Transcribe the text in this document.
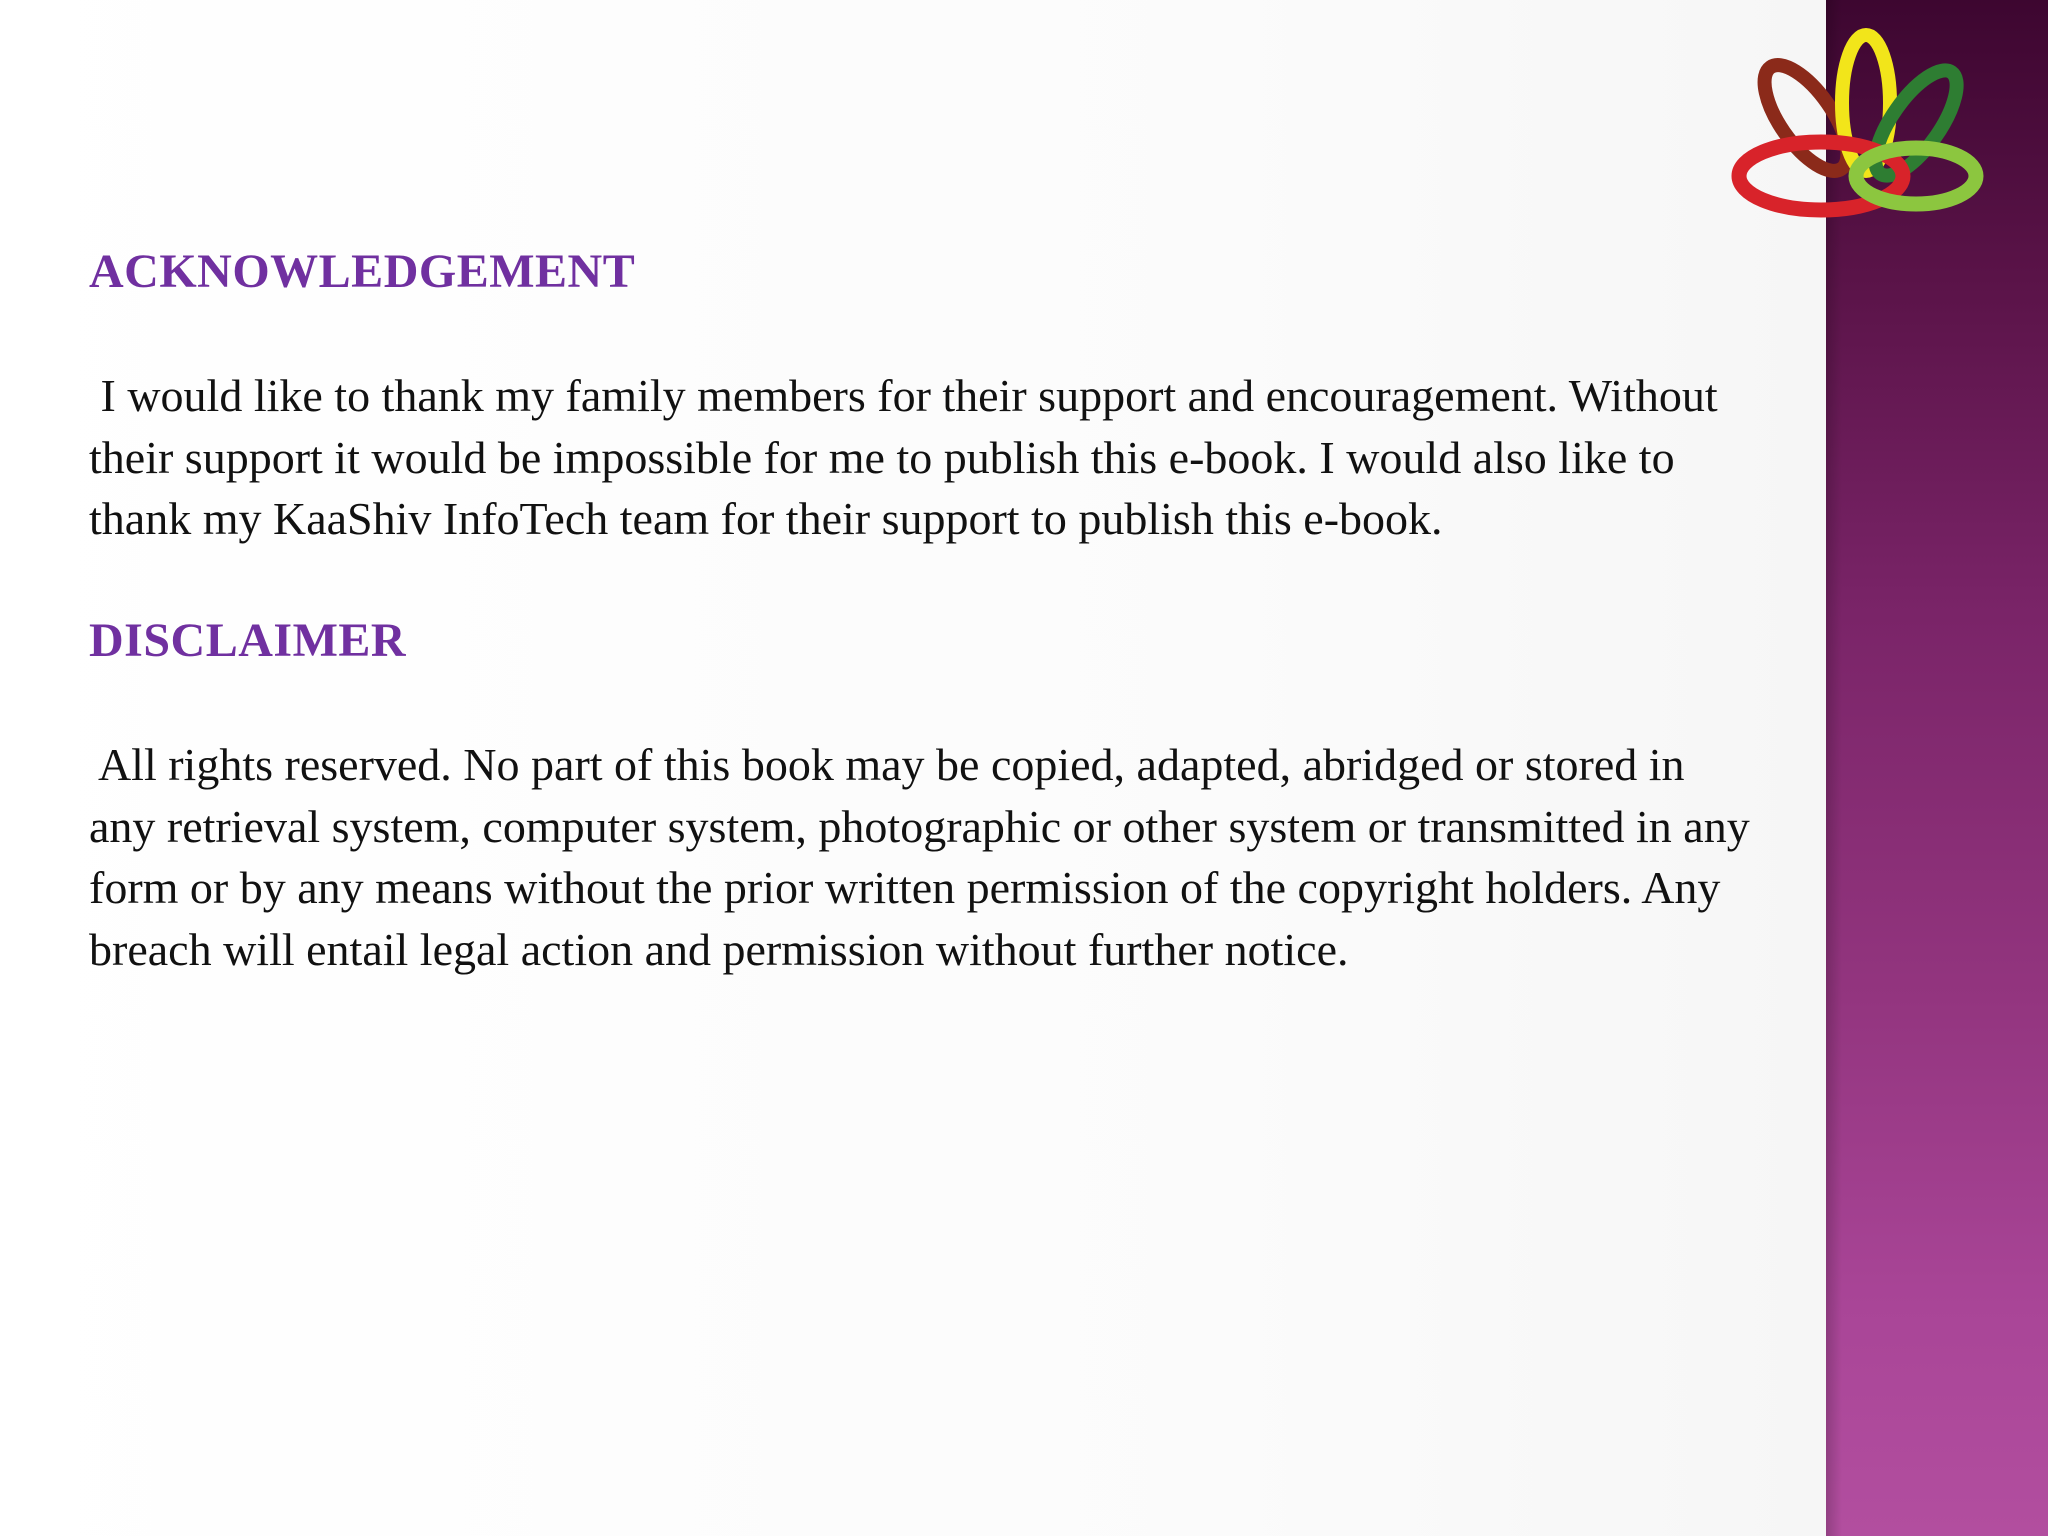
ACKNOWLEDGEMENT
I would like to thank my family members for their support and encouragement. Without
their support it would be impossible for me to publish this e-book. I would also like to
thank my KaaShiv InfoTech team for their support to publish this e-book.
DISCLAIMER
All rights reserved. No part of this book may be copied, adapted, abridged or stored in
any retrieval system, computer system, photographic or other system or transmitted in any
form or by any means without the prior written permission of the copyright holders. Any
breach will entail legal action and permission without further notice.
